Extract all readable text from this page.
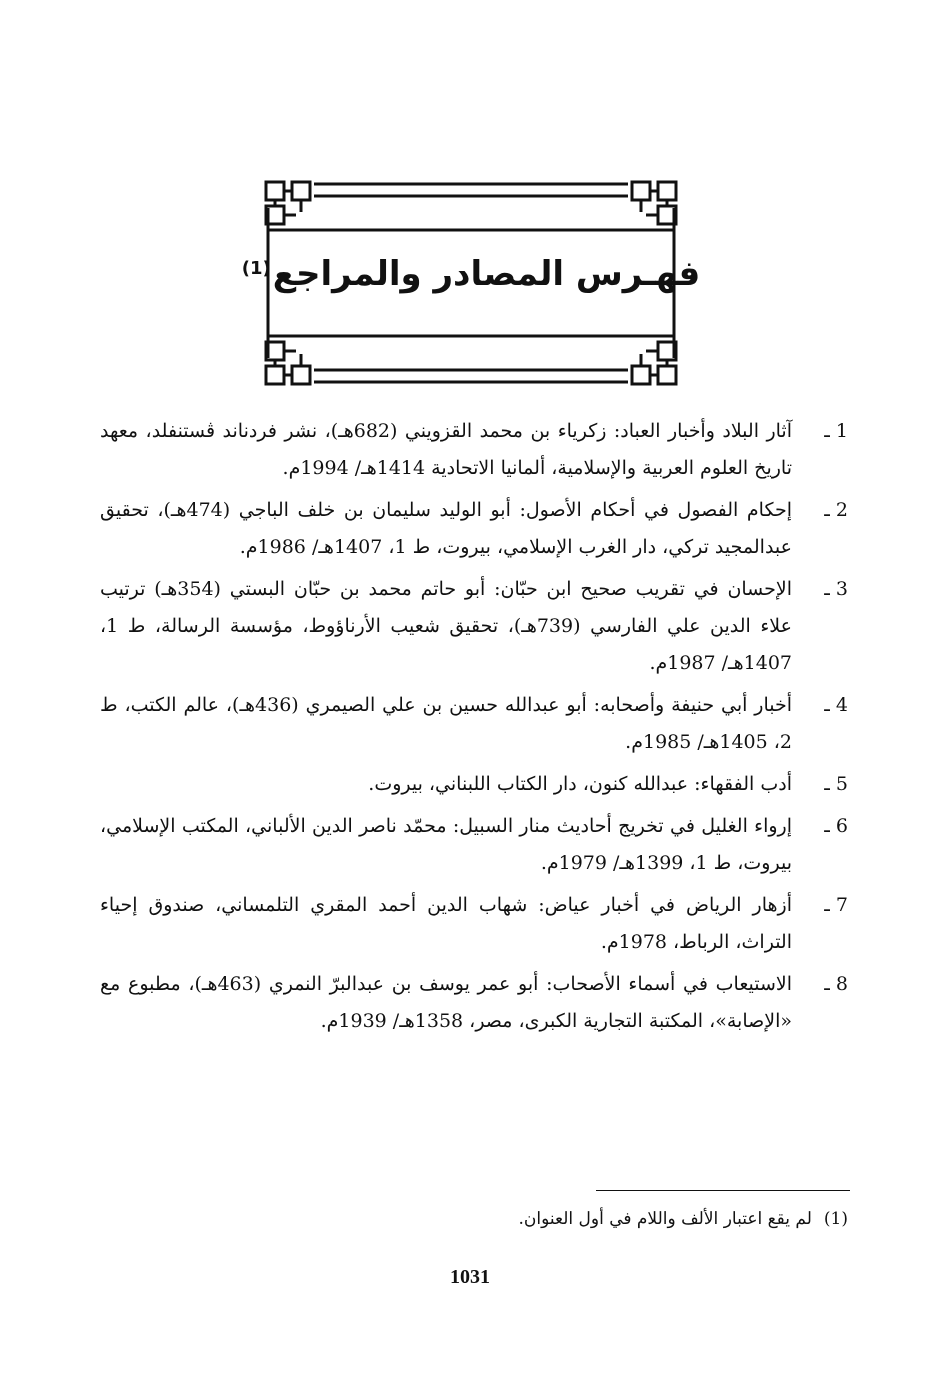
فهـرس المصادر والمراجع
$^{(1)}$
1 ـ
آثار البلاد وأخبار العباد: زكرياء بن محمد القزويني (682هـ)، نشر فردناند ڤستنفلد، معهد تاريخ العلوم العربية والإسلامية، ألمانيا الاتحادية 1414هـ/ 1994م.
2 ـ
إحكام الفصول في أحكام الأصول: أبو الوليد سليمان بن خلف الباجي (474هـ)، تحقيق عبدالمجيد تركي، دار الغرب الإسلامي، بيروت، ط 1، 1407هـ/ 1986م.
3 ـ
الإحسان في تقريب صحيح ابن حبّان: أبو حاتم محمد بن حبّان البستي (354هـ) ترتيب علاء الدين علي الفارسي (739هـ)، تحقيق شعيب الأرناؤوط، مؤسسة الرسالة، ط 1، 1407هـ/ 1987م.
4 ـ
أخبار أبي حنيفة وأصحابه: أبو عبدالله حسين بن علي الصيمري (436هـ)، عالم الكتب، ط 2، 1405هـ/ 1985م.
5 ـ
أدب الفقهاء: عبدالله كنون، دار الكتاب اللبناني، بيروت.
6 ـ
إرواء الغليل في تخريج أحاديث منار السبيل: محمّد ناصر الدين الألباني، المكتب الإسلامي، بيروت، ط 1، 1399هـ/ 1979م.
7 ـ
أزهار الرياض في أخبار عياض: شهاب الدين أحمد المقري التلمساني، صندوق إحياء التراث، الرباط، 1978م.
8 ـ
الاستيعاب في أسماء الأصحاب: أبو عمر يوسف بن عبدالبرّ النمري (463هـ)، مطبوع مع «الإصابة»، المكتبة التجارية الكبرى، مصر، 1358هـ/ 1939م.
(1)لم يقع اعتبار الألف واللام في أول العنوان.
1031
